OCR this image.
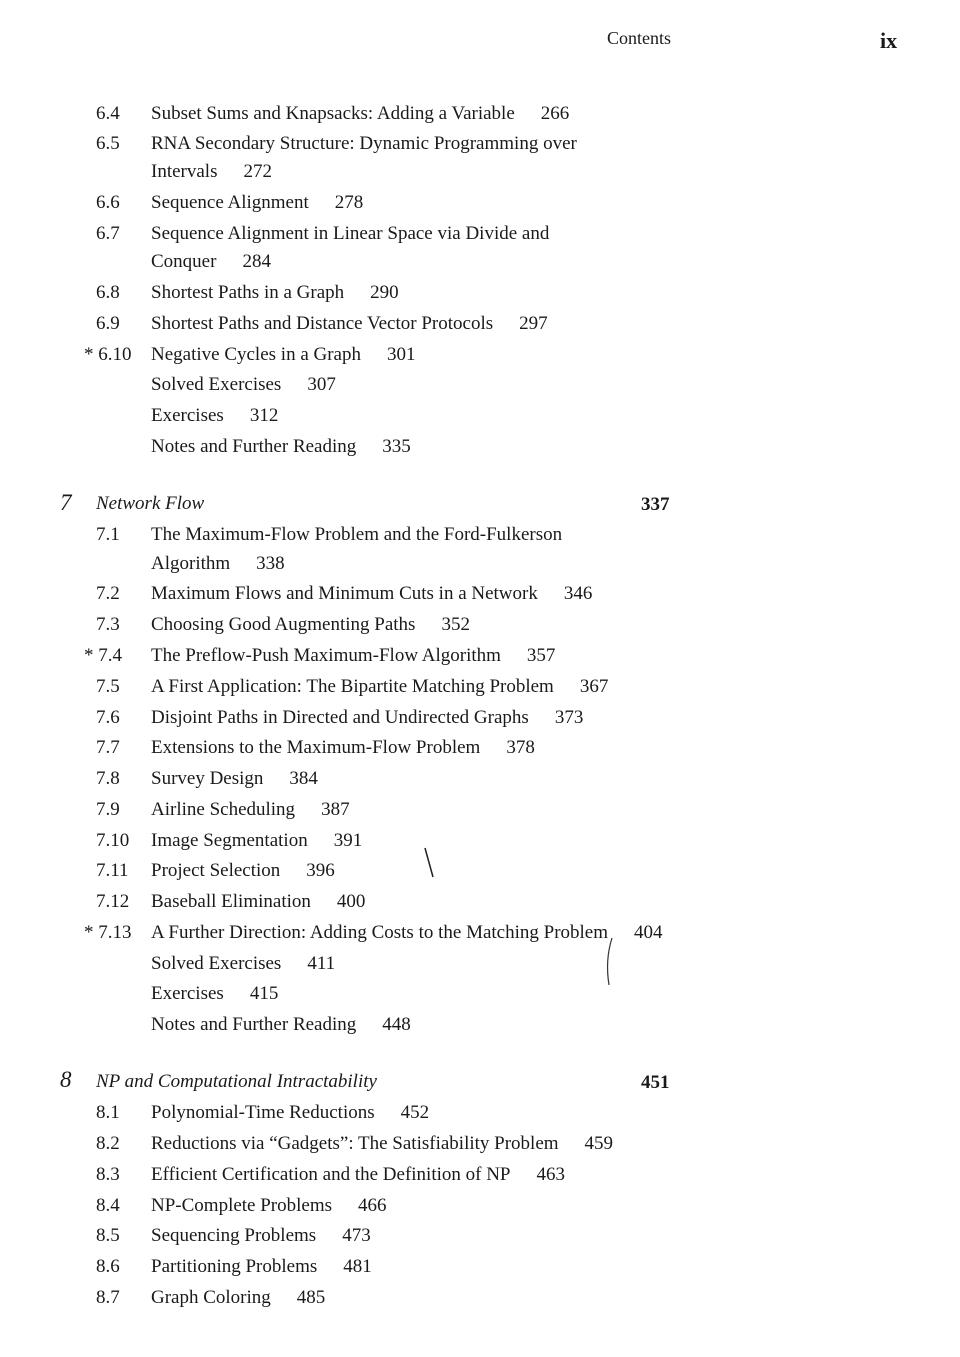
Contents	ix
6.4 Subset Sums and Knapsacks: Adding a Variable 266
6.5 RNA Secondary Structure: Dynamic Programming over
Intervals 272
6.6 Sequence Alignment 278
6.7 Sequence Alignment in Linear Space via Divide and
Conquer 284
6.8 Shortest Paths in a Graph 290
6.9 Shortest Paths and Distance Vector Protocols 297
* 6.10 Negative Cycles in a Graph 301
Solved Exercises 307
Exercises 312
Notes and Further Reading 335
7 Network Flow	337
7.1 The Maximum-Flow Problem and the Ford-Fulkerson
Algorithm 338
7.2 Maximum Flows and Minimum Cuts in a Network 346
7.3 Choosing Good Augmenting Paths 352
* 7.4 The Preflow-Push Maximum-Flow Algorithm 357
7.5 A First Application: The Bipartite Matching Problem 367
7.6 Disjoint Paths in Directed and Undirected Graphs 373
7.7 Extensions to the Maximum-Flow Problem 378
7.8 Survey Design 384
7.9 Airline Scheduling 387
7.10 Image Segmentation 391
7.11 Project Selection 396
7.12 Baseball Elimination 400
* 7.13 A Further Direction: Adding Costs to the Matching Problem 404
Solved Exercises 411
Exercises 415
Notes and Further Reading 448
8 NP and Computational Intractability	451
8.1 Polynomial-Time Reductions 452
8.2 Reductions via “Gadgets”: The Satisfiability Problem 459
8.3 Efficient Certification and the Definition of NP 463
8.4 NP-Complete Problems 466
8.5 Sequencing Problems 473
8.6 Partitioning Problems 481
8.7 Graph Coloring 485
